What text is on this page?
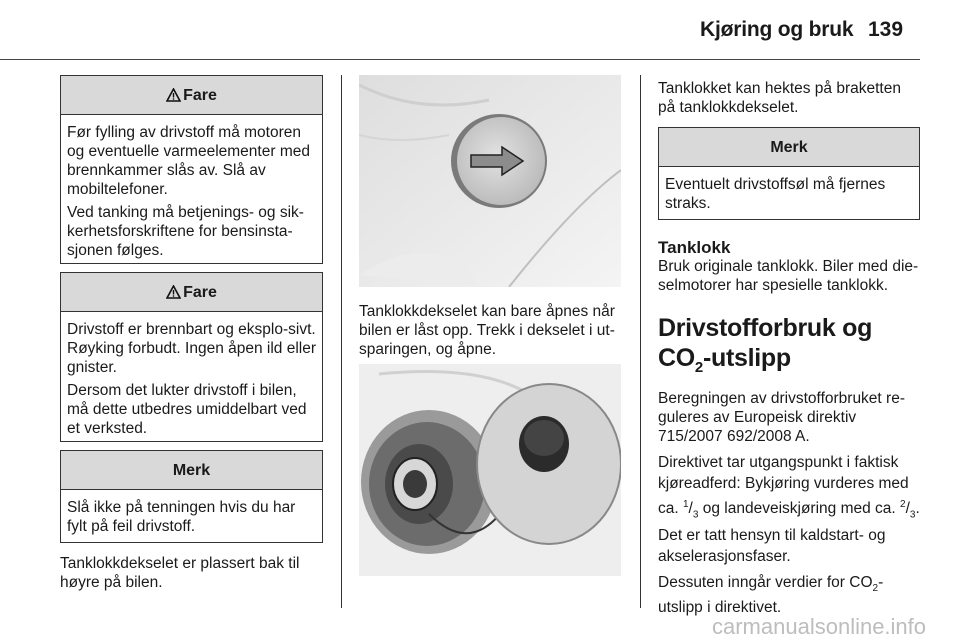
Kjøring og bruk 139
Fare

Før fylling av drivstoff må motoren og eventuelle varmeelementer med brennkammer slås av. Slå av mobiltelefoner.

Ved tanking må betjenings- og sik-kerhetsforskriftene for bensinsta-sjonen følges.

Fare

Drivstoff er brennbart og eksplo-sivt. Røyking forbudt. Ingen åpen ild eller gnister.

Dersom det lukter drivstoff i bilen, må dette utbedres umiddelbart ved et verksted.

Merk

Slå ikke på tenningen hvis du har fylt på feil drivstoff.

Tanklokkdekselet er plassert bak til høyre på bilen.

Tanklokkdekselet kan bare åpnes når bilen er låst opp. Trekk i dekselet i ut-sparingen, og åpne.

Tanklokket kan hektes på braketten på tanklokkdekselet.

Merk

Eventuelt drivstoffsøl må fjernes straks.

Tanklokk

Bruk originale tanklokk. Biler med die-selmotorer har spesielle tanklokk.

Drivstofforbruk og
$CO_2$-utslipp

Beregningen av drivstofforbruket re-guleres av Europeisk direktiv 715/2007 692/2008 A.

Direktivet tar utgangspunkt i faktisk kjøreadferd: Bykjøring vurderes med ca. $^1/_3$ og landeveiskjøring med ca. $^2/_3$. Det er tatt hensyn til kaldstart- og akselerasjonsfaser.

Dessuten inngår verdier for $CO_2$-utslipp i direktivet.

carmanualsonline.info
